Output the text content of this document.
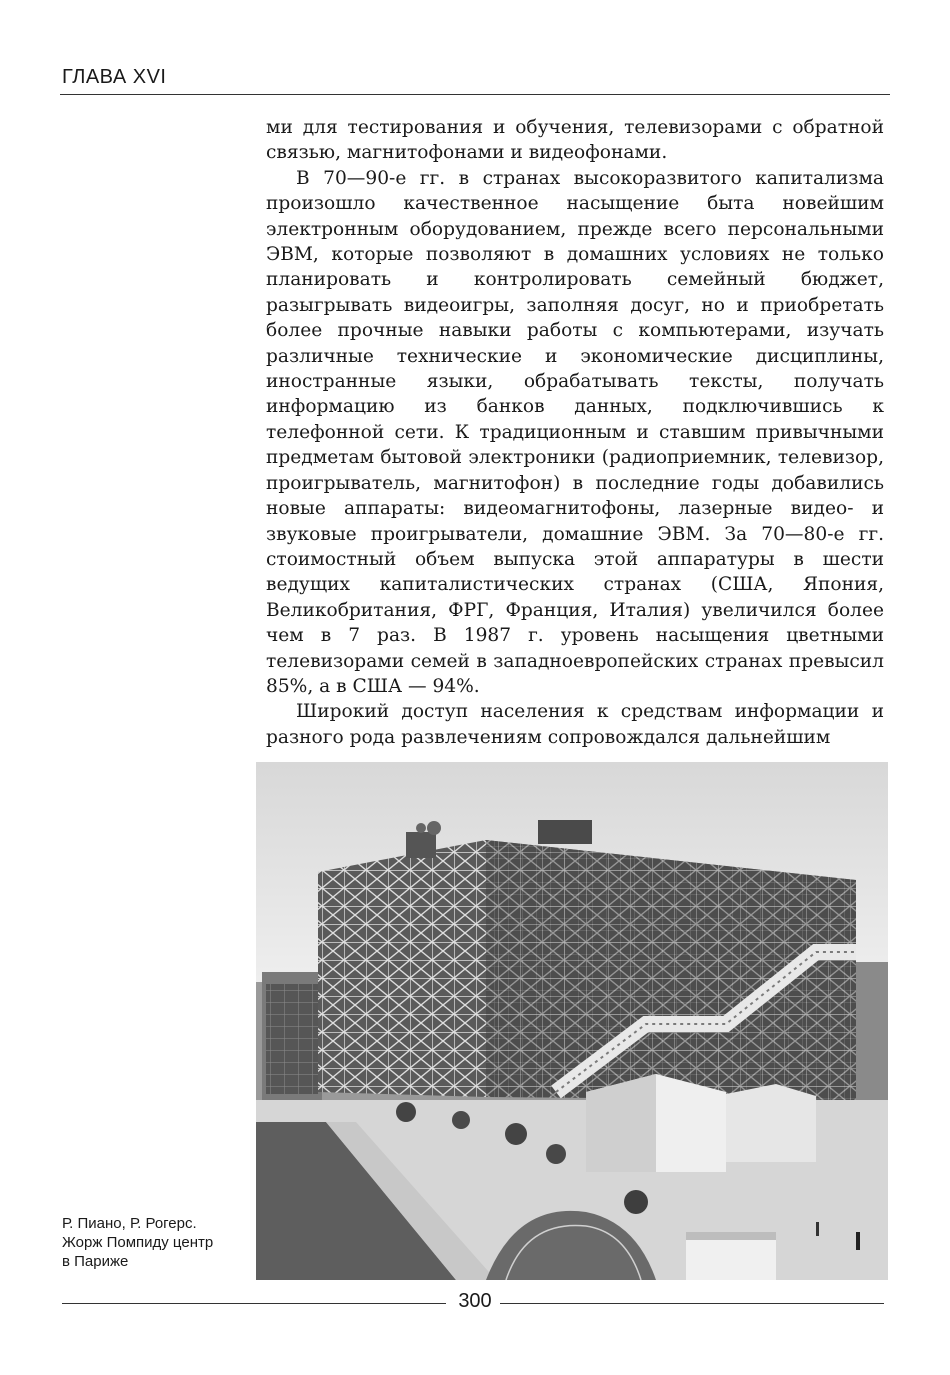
ГЛАВА XVI

ми для тестирования и обучения, телевизорами с обратной связью, магнитофонами и видеофонами.

В 70—90-е гг. в странах высокоразвитого капитализма произошло качественное насыщение быта новейшим электронным оборудованием, прежде всего персональными ЭВМ, которые позволяют в домашних условиях не только планировать и контролировать семейный бюджет, разыгрывать видеоигры, заполняя досуг, но и приобретать более прочные навыки работы с компьютерами, изучать различные технические и экономические дисциплины, иностранные языки, обрабатывать тексты, получать информацию из банков данных, подключившись к телефонной сети. К традиционным и ставшим привычными предметам бытовой электроники (радиоприемник, телевизор, проигрыватель, магнитофон) в последние годы добавились новые аппараты: видеомагнитофоны, лазерные видео- и звуковые проигрыватели, домашние ЭВМ. За 70—80-е гг. стоимостный объем выпуска этой аппаратуры в шести ведущих капиталистических странах (США, Япония, Великобритания, ФРГ, Франция, Италия) увеличился более чем в 7 раз. В 1987 г. уровень насыщения цветными телевизорами семей в западноевропейских странах превысил 85%, а в США — 94%.

Широкий доступ населения к средствам информации и разного рода развлечениям сопровождался дальнейшим

Р. Пиано, Р. Рогерс.
Жорж Помпиду центр
в Париже
300
